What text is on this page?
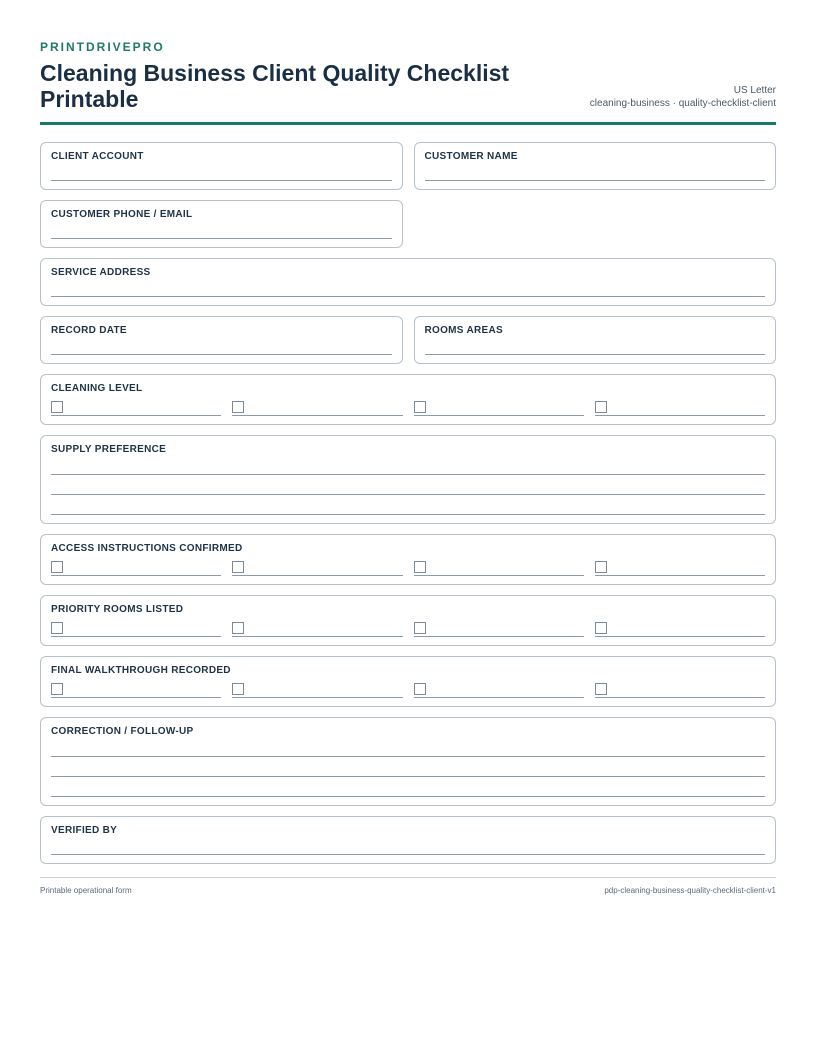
PRINTDRIVEPRO
Cleaning Business Client Quality Checklist Printable	US Letter
cleaning-business · quality-checklist-client
CLIENT ACCOUNT	CUSTOMER NAME
CUSTOMER PHONE / EMAIL
SERVICE ADDRESS
RECORD DATE	ROOMS AREAS
CLEANING LEVEL
SUPPLY PREFERENCE
ACCESS INSTRUCTIONS CONFIRMED
PRIORITY ROOMS LISTED
FINAL WALKTHROUGH RECORDED
CORRECTION / FOLLOW-UP
VERIFIED BY
Printable operational form	pdp-cleaning-business-quality-checklist-client-v1
